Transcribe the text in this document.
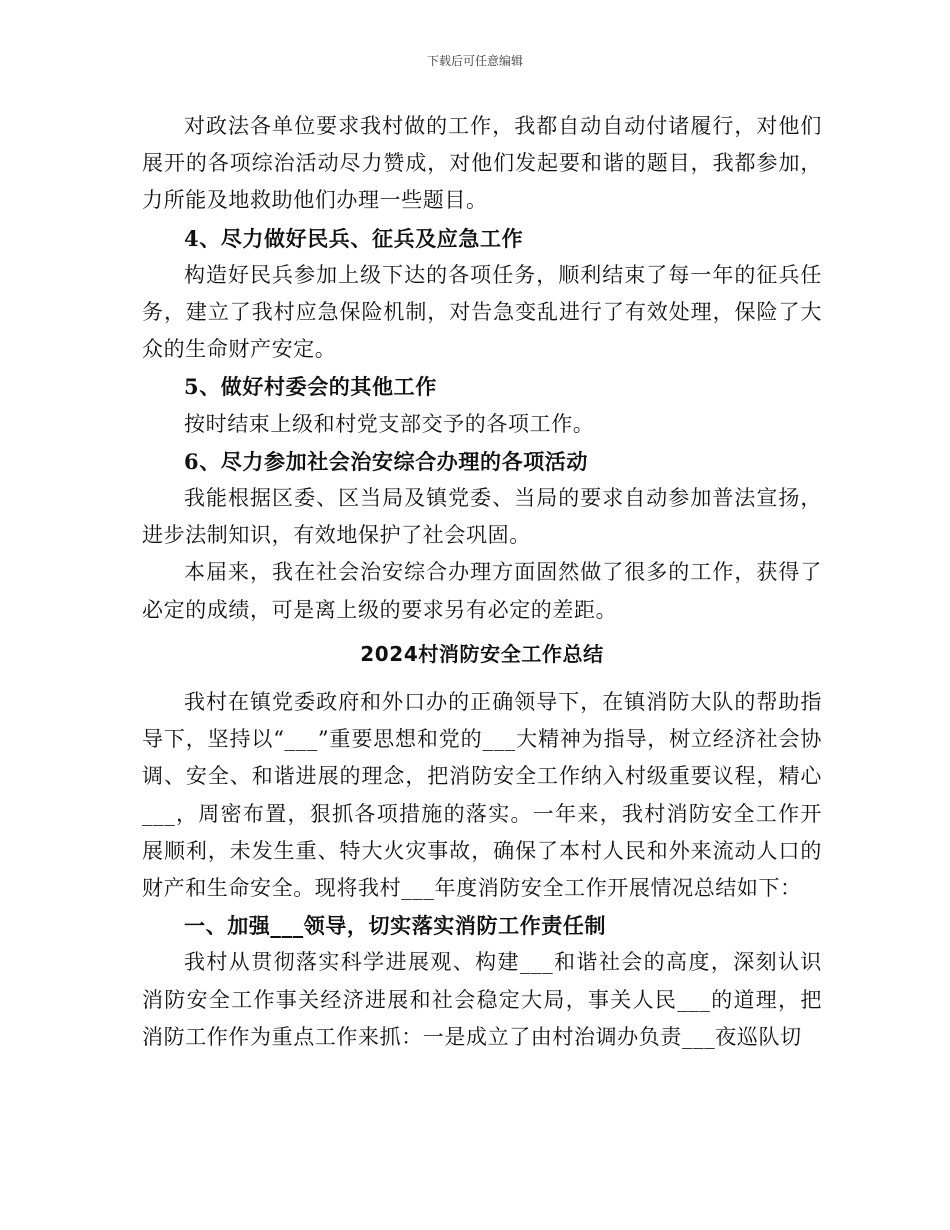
下载后可任意编辑

对政法各单位要求我村做的工作，我都自动自动付诸履行，对他们展开的各项综治活动尽力赞成，对他们发起要和谐的题目，我都参加，力所能及地救助他们办理一些题目。

4、尽力做好民兵、征兵及应急工作

构造好民兵参加上级下达的各项任务，顺利结束了每一年的征兵任务，建立了我村应急保险机制，对告急变乱进行了有效处理，保险了大众的生命财产安定。

5、做好村委会的其他工作

按时结束上级和村党支部交予的各项工作。

6、尽力参加社会治安综合办理的各项活动

我能根据区委、区当局及镇党委、当局的要求自动参加普法宣扬，进步法制知识，有效地保护了社会巩固。

本届来，我在社会治安综合办理方面固然做了很多的工作，获得了必定的成绩，可是离上级的要求另有必定的差距。

2024村消防安全工作总结

我村在镇党委政府和外口办的正确领导下，在镇消防大队的帮助指导下，坚持以“___”重要思想和党的___大精神为指导，树立经济社会协调、安全、和谐进展的理念，把消防安全工作纳入村级重要议程，精心___，周密布置，狠抓各项措施的落实。一年来，我村消防安全工作开展顺利，未发生重、特大火灾事故，确保了本村人民和外来流动人口的财产和生命安全。现将我村___年度消防安全工作开展情况总结如下：

一、加强___领导，切实落实消防工作责任制

我村从贯彻落实科学进展观、构建___和谐社会的高度，深刻认识消防安全工作事关经济进展和社会稳定大局，事关人民___的道理，把消防工作作为重点工作来抓：一是成立了由村治调办负责___夜巡队切
